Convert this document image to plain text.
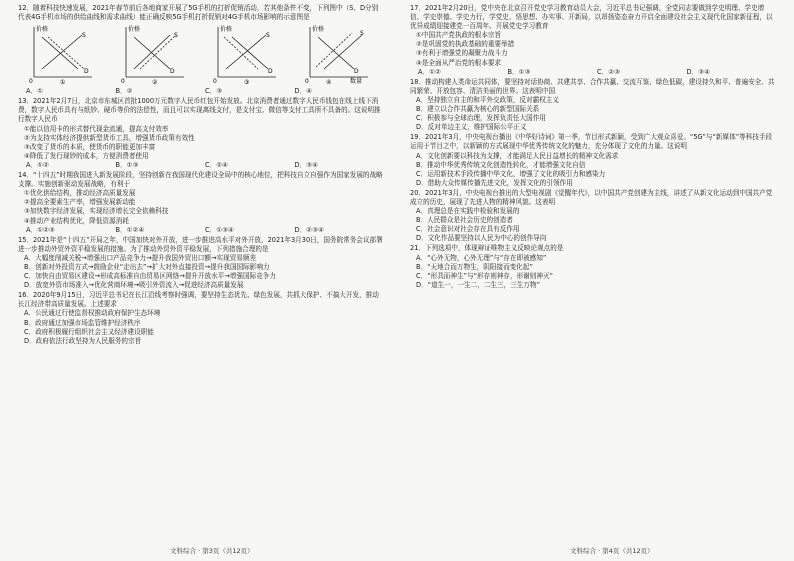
12．随着科技快速发展，2021年春节前后各地商家开展了5G手机的打折促销活动，若其他条件不变，下列图中（S、D分别代表4G手机市场的供给曲线和需求曲线）能正确反映5G手机打折促销对4G手机市场影响的示意图是
价格
S
D
0	①
价格
S
D
0	②
价格
S
D
0	③
价格
S
D
0	数量
④
A．①	B．②	C．③	D．④
13．2021年2月7日，北京市东城区首批1000万元数字人民币红包开始发放。北京消费者通过数字人民币钱包在线上线下消费，数字人民币具有与纸钞、硬币等价的法偿性，而且可以实现离线支付，是支付宝、微信等支付工具所不具备的。这说明推行数字人民币
①能以信用卡的形式替代现金流通，提高支付效率
②为支持实体经济提供新型货币工具，增强货币政策有效性
③改变了货币的本质，使货币的职能更加丰富
④降低了发行现钞的成本，方便消费者使用
A．①②	B．①③	C．②④	D．③④
14．“十四五”时期我国进入新发展阶段，坚持创新在我国现代化建设全局中的核心地位，把科技自立自强作为国家发展的战略支撑。实施创新驱动发展战略，有利于
①优化供给结构，推动经济高质量发展
②提高全要素生产率，增强发展新动能
③加快数字经济发展，实现经济增长完全依赖科技
④推动产业结构优化，降低资源消耗
A．①②③	B．①②④	C．①③④	D．②③④
15．2021年是“十四五”开局之年，中国加快对外开放，进一步推进高水平对外开放，2021年3月30日，国务院常务会议部署进一步推动外贸外资平稳发展的措施。为了推动外贸外资平稳发展，下列措施合理的是
A．大幅度削减关税→增强出口产品竞争力→提升我国外贸出口额→实现贸易顺差
B．创新对外投资方式→鼓励企业“走出去”→扩大对外直接投资→提升我国国际影响力
C．加快自由贸易区建设→形成高标准自由贸易区网络→提升开放水平→增强国际竞争力
D．放宽外资市场准入→优化营商环境→吸引外资流入→促进经济高质量发展
16．2020年9月15日，习近平总书记在长江沿线考察时强调，要坚持生态优先、绿色发展，共抓大保护、不搞大开发，推动长江经济带高质量发展。上述要求
A．公民通过行使监督权推动政府保护生态环境
B．政府通过加强市场监管维护经济秩序
C．政府积极履行组织社会主义经济建设职能
D．政府依法行政坚持为人民服务的宗旨
17．2021年2月20日，党中央在北京召开党史学习教育动员大会，习近平总书记强调，全党同志要做到学史明理、学史增信、学史崇德、学史力行，学党史、悟思想、办实事、开新局，以昂扬姿态奋力开启全面建设社会主义现代化国家新征程，以优异成绩迎接建党一百周年。开展党史学习教育
①中国共产党执政的根本宗旨
②是巩固党的执政基础的重要举措
③有利于增强党的凝聚力战斗力
④是全面从严治党的根本要求
A．①②	B．①③	C．②③	D．③④
18．推动构建人类命运共同体，要坚持对话协商、共建共享、合作共赢、交流互鉴、绿色低碳，建设持久和平、普遍安全、共同繁荣、开放包容、清洁美丽的世界。这表明中国
A．坚持独立自主的和平外交政策，反对霸权主义
B．建立以合作共赢为核心的新型国际关系
C．积极参与全球治理，发挥负责任大国作用
D．反对单边主义，维护国际公平正义
19．2021年3月，中央电视台播出《中华好诗词》第一季，节目形式新颖，受到广大观众喜爱。“5G”与“新媒体”等科技手段运用于节目之中，以新颖的方式展现中华优秀传统文化的魅力，充分体现了文化的力量。这说明
A．文化创新要以科技为支撑，才能满足人民日益增长的精神文化需求
B．推动中华优秀传统文化创造性转化，才能增强文化自信
C．运用新技术手段传播中华文化，增强了文化的吸引力和感染力
D．借助大众传媒传播先进文化，发挥文化的引领作用
20．2021年3月，中央电视台推出的大型电视剧《觉醒年代》，以中国共产党创建为主线，讲述了从新文化运动到中国共产党成立的历史，展现了先进人物的精神风貌。这表明
A．真理总是在实践中检验和发展的
B．人民群众是社会历史的创造者
C．社会意识对社会存在具有反作用
D．文化作品要坚持以人民为中心的创作导向
21．下列选项中，体现辩证唯物主义反映论观点的是
A．“心外无物，心外无理”与“存在即被感知”
B．“天地合而万物生，阴阳接而变化起”
C．“形具而神生”与“形存则神存，形谢则神灭”
D．“道生一，一生二，二生三，三生万物”
文科综合 · 第3页（共12页）	文科综合 · 第4页（共12页）
